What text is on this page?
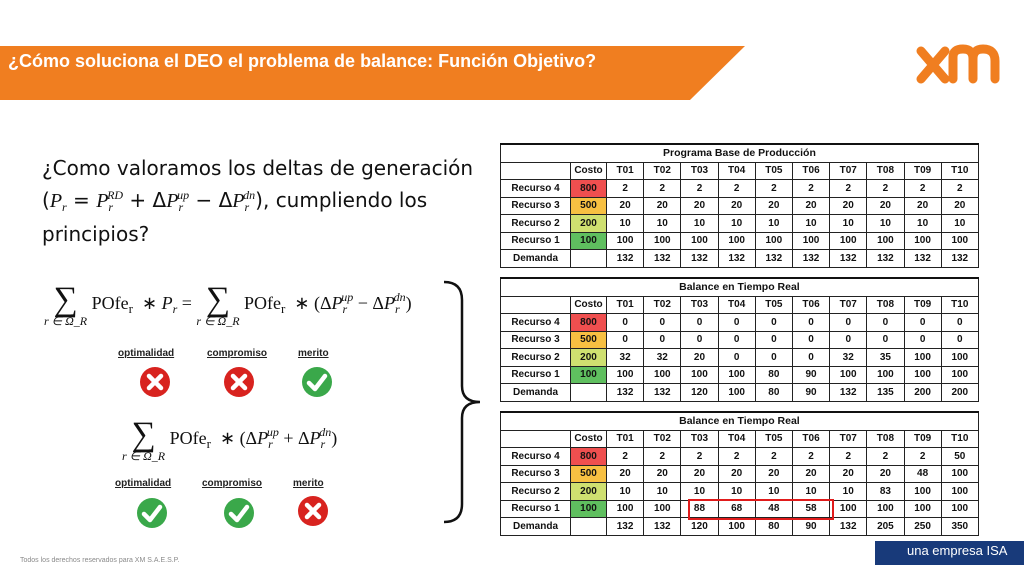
¿Cómo soluciona el DEO el problema de balance: Función Objetivo?
¿Como valoramos los deltas de generación $(P_r = P_r^{RD} + \Delta P_r^{up} - \Delta P_r^{dn})$, cumpliendo los principios?
∑
r ∈ Ω_R
POfe$_r$  ∗ $P_r$ = ∑
r ∈ Ω_R
POfe$_r$  ∗ $(\Delta P_r^{up} - \Delta P_r^{dn})$
optimalidad	compromiso	merito
∑
r ∈ Ω_R
POfe$_r$  ∗ $(\Delta P_r^{up} + \Delta P_r^{dn})$
optimalidad	compromiso	merito
Programa Base de Producción											
	Costo	T01	T02	T03	T04	T05	T06	T07	T08	T09	T10
Recurso 4	800	2	2	2	2	2	2	2	2	2	2
Recurso 3	500	20	20	20	20	20	20	20	20	20	20
Recurso 2	200	10	10	10	10	10	10	10	10	10	10
Recurso 1	100	100	100	100	100	100	100	100	100	100	100
Demanda		132	132	132	132	132	132	132	132	132	132
Balance en Tiempo Real											
	Costo	T01	T02	T03	T04	T05	T06	T07	T08	T09	T10
Recurso 4	800	0	0	0	0	0	0	0	0	0	0
Recurso 3	500	0	0	0	0	0	0	0	0	0	0
Recurso 2	200	32	32	20	0	0	0	32	35	100	100
Recurso 1	100	100	100	100	100	80	90	100	100	100	100
Demanda		132	132	120	100	80	90	132	135	200	200
Balance en Tiempo Real											
	Costo	T01	T02	T03	T04	T05	T06	T07	T08	T09	T10
Recurso 4	800	2	2	2	2	2	2	2	2	2	50
Recurso 3	500	20	20	20	20	20	20	20	20	48	100
Recurso 2	200	10	10	10	10	10	10	10	83	100	100
Recurso 1	100	100	100	88	68	48	58	100	100	100	100
Demanda		132	132	120	100	80	90	132	205	250	350
Todos los derechos reservados para XM S.A.E.S.P.
una empresa ISA
